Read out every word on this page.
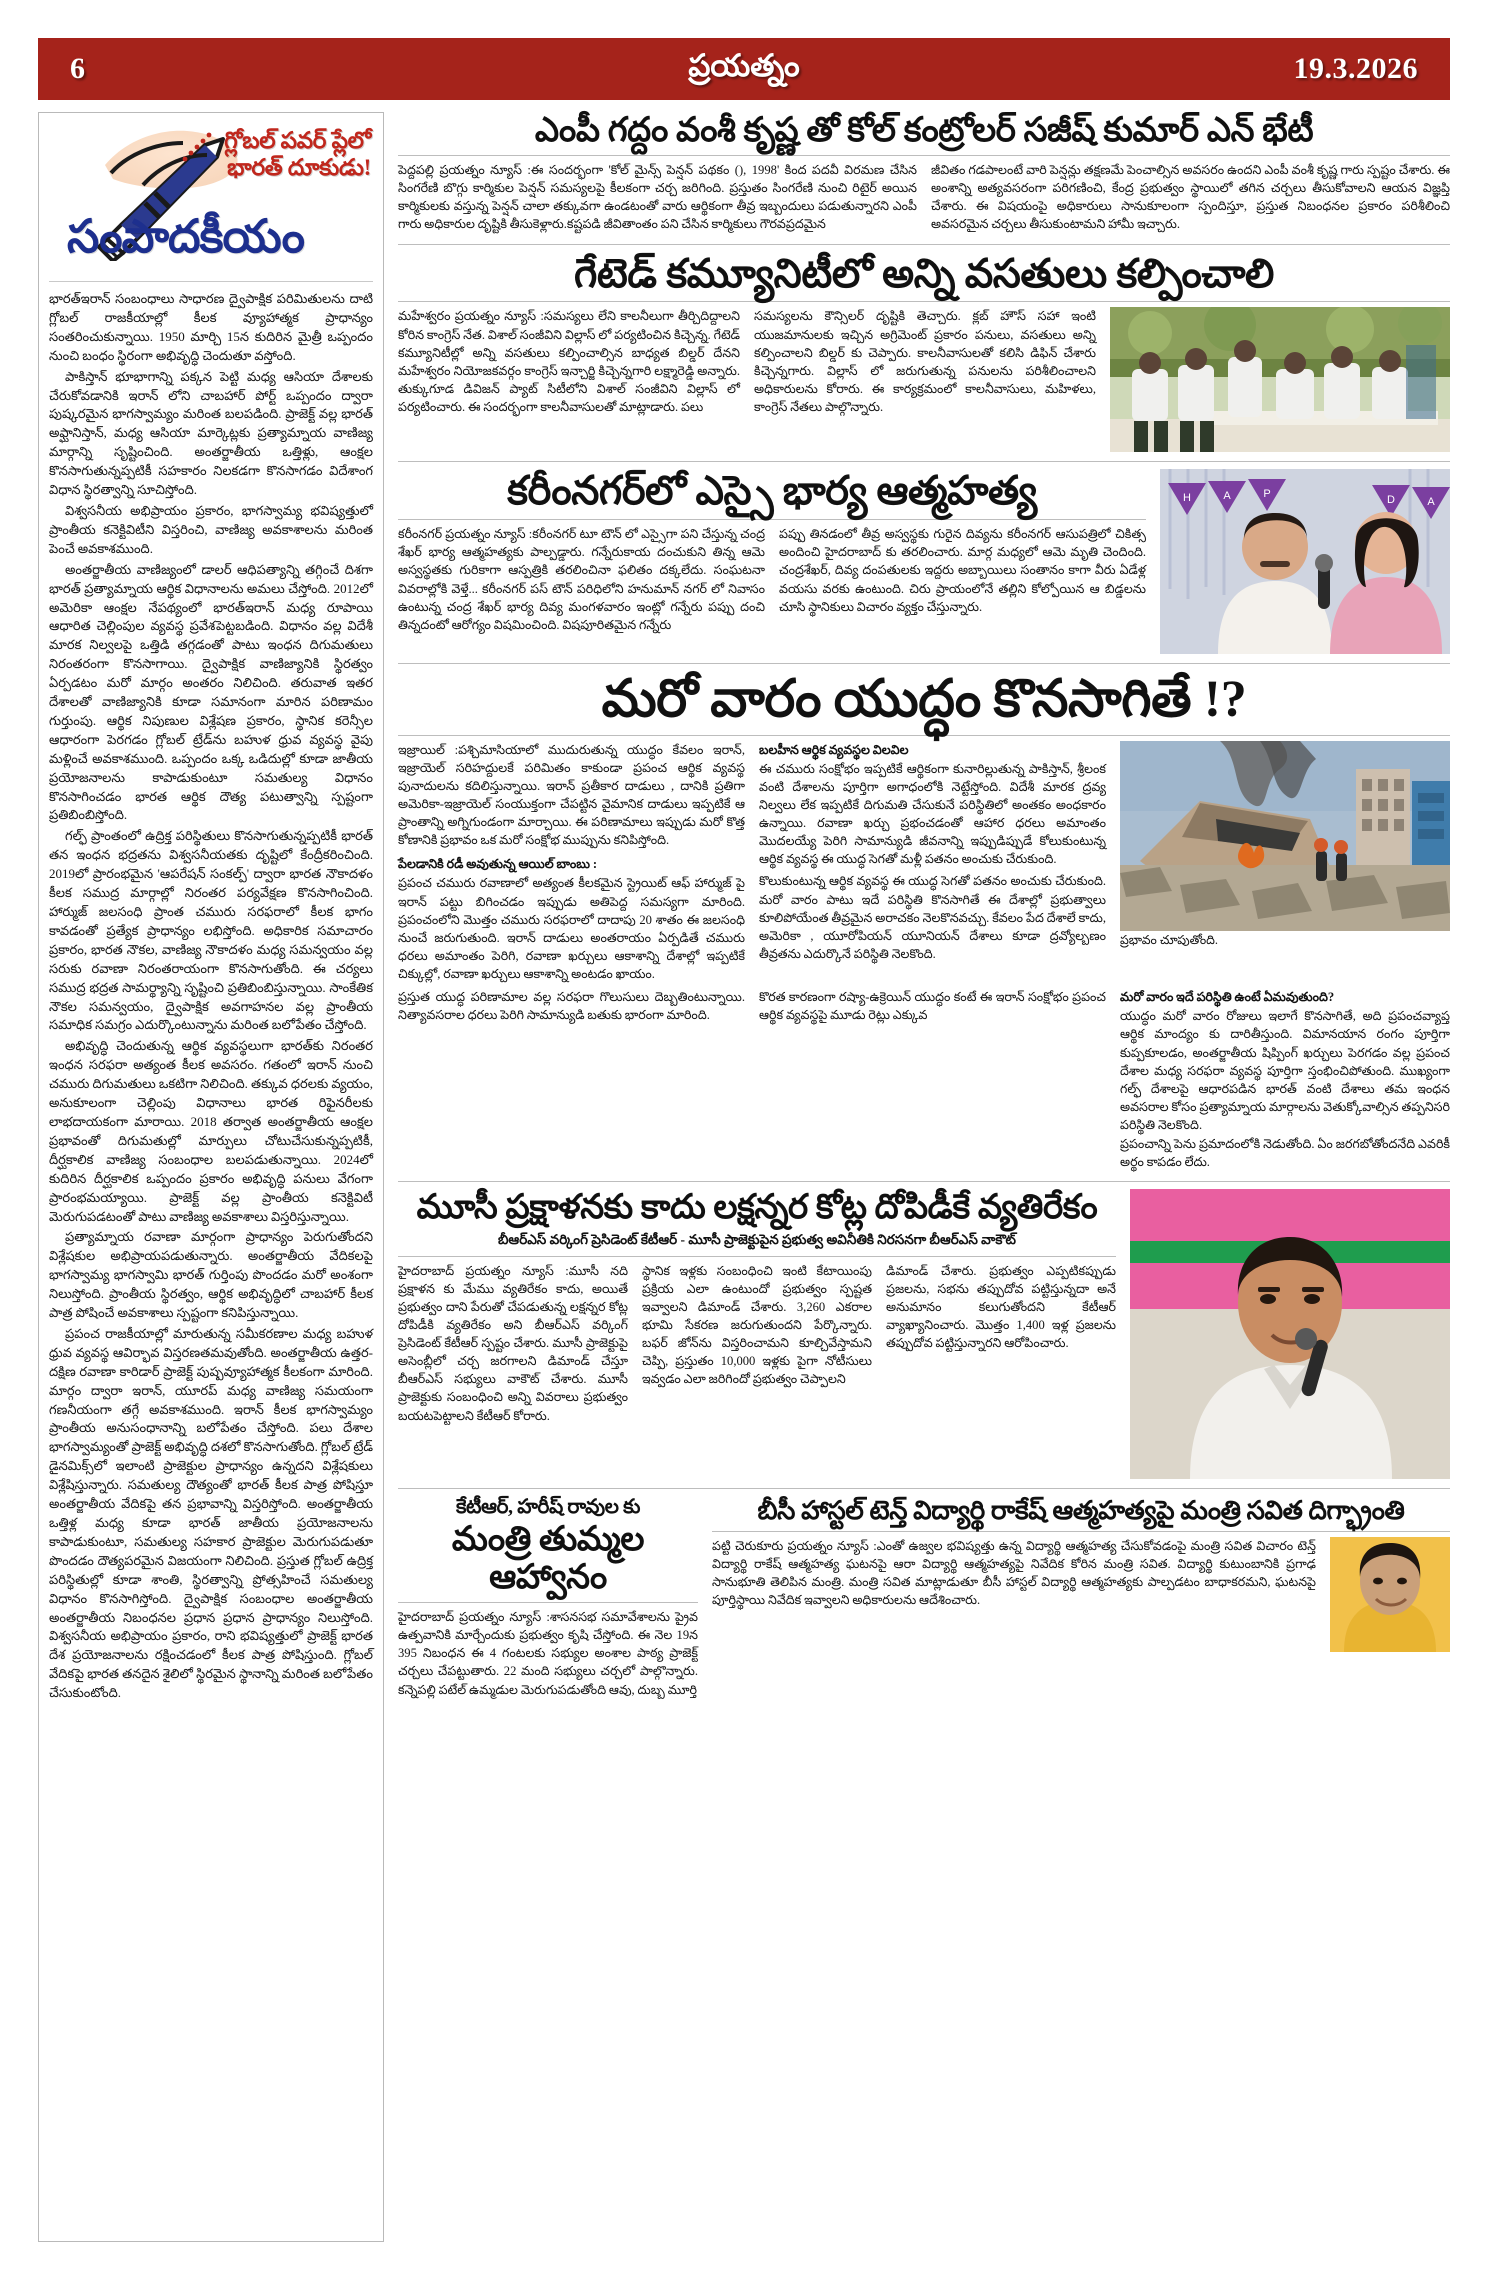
6	ప్రయత్నం	19.3.2026
గ్లోబల్ పవర్ ప్లేలో
భారత్ దూకుడు!
సంపాదకీయం

భారత్‌ఇరాన్ సంబంధాలు సాధారణ ద్వైపాక్షిక పరిమితులను దాటి గ్లోబల్ రాజకీయాల్లో కీలక వ్యూహాత్మక ప్రాధాన్యం సంతరించుకున్నాయి. 1950 మార్చి 15న కుదిరిన మైత్రీ ఒప్పందం నుంచి బంధం స్థిరంగా అభివృద్ధి చెందుతూ వస్తోంది.

పాకిస్తాన్ భూభాగాన్ని పక్కన పెట్టి మధ్య ఆసియా దేశాలకు చేరుకోవడానికి ఇరాన్ లోని చాబహార్ పోర్ట్ ఒప్పందం ద్వారా పుష్కరమైన భాగస్వామ్యం మరింత బలపడింది. ప్రాజెక్ట్ వల్ల భారత్ అఫ్ఘానిస్తాన్, మధ్య ఆసియా మార్కెట్లకు ప్రత్యామ్నాయ వాణిజ్య మార్గాన్ని సృష్టించింది. అంతర్జాతీయ ఒత్తిళ్లు, ఆంక్షల కొనసాగుతున్నప్పటికీ సహకారం నిలకడగా కొనసాగడం విదేశాంగ విధాన స్థిరత్వాన్ని సూచిస్తోంది.

విశ్వసనీయ అభిప్రాయం ప్రకారం, భాగస్వామ్య భవిష్యత్తులో ప్రాంతీయ కనెక్టివిటీని విస్తరించి, వాణిజ్య అవకాశాలను మరింత పెంచే అవకాశముంది.

అంతర్జాతీయ వాణిజ్యంలో డాలర్ ఆధిపత్యాన్ని తగ్గించే దిశగా భారత్ ప్రత్యామ్నాయ ఆర్థిక విధానాలను అమలు చేస్తోంది. 2012లో అమెరికా ఆంక్షల నేపథ్యంలో భారత్‌ఇరాన్ మధ్య రూపాయి ఆధారిత చెల్లింపుల వ్యవస్థ ప్రవేశపెట్టబడింది. విధానం వల్ల విదేశీ మారక నిల్వలపై ఒత్తిడి తగ్గడంతో పాటు ఇంధన దిగుమతులు నిరంతరంగా కొనసాగాయి. ద్వైపాక్షిక వాణిజ్యానికి స్థిరత్వం ఏర్పడటం మరో మార్గం అంతరం నిలిచింది. తరువాత ఇతర దేశాలతో వాణిజ్యానికి కూడా సమానంగా మారిన పరిణామం గుర్తుంపు. ఆర్థిక నిపుణుల విశ్లేషణ ప్రకారం, స్థానిక కరెన్సీల ఆధారంగా పెరగడం గ్లోబల్ ట్రేడ్‌ను బహుళ ధ్రువ వ్యవస్థ వైపు మళ్లించే అవకాశముంది. ఒప్పందం ఒక్క ఒడిదుల్లో కూడా జాతీయ ప్రయోజనాలను కాపాడుకుంటూ సమతుల్య విధానం కొనసాగించడం భారత ఆర్థిక దౌత్య పటుత్వాన్ని స్పష్టంగా ప్రతిబింబిస్తోంది.

గల్ఫ్ ప్రాంతంలో ఉద్రిక్త పరిస్థితులు కొనసాగుతున్నప్పటికీ భారత్ తన ఇంధన భద్రతను విశ్వసనీయతకు దృష్టిలో కేంద్రీకరించింది. 2019లో ప్రారంభమైన 'ఆపరేషన్ సంకల్ప్' ద్వారా భారత నౌకాదళం కీలక సముద్ర మార్గాల్లో నిరంతర పర్యవేక్షణ కొనసాగించింది. హార్ముజ్ జలసంధి ప్రాంత చమురు సరఫరాలో కీలక భాగం కావడంతో ప్రత్యేక ప్రాధాన్యం లభిస్తోంది. అధికారిక సమాచారం ప్రకారం, భారత నౌకల, వాణిజ్య నౌకాదళం మధ్య సమన్వయం వల్ల సరుకు రవాణా నిరంతరాయంగా కొనసాగుతోంది. ఈ చర్యలు సముద్ర భద్రత సామర్థ్యాన్ని సృష్టించి ప్రతిబింబిస్తున్నాయి. సాంకేతిక నౌకల సమన్వయం, ద్వైపాక్షిక అవగాహనల వల్ల ప్రాంతీయ సమాధిక సమగ్రం ఎదుర్కొంటున్నాను మరింత బలోపేతం చేస్తోంది.

అభివృద్ధి చెందుతున్న ఆర్థిక వ్యవస్థలుగా భారత్‌కు నిరంతర ఇంధన సరఫరా అత్యంత కీలక అవసరం. గతంలో ఇరాన్ నుంచి చమురు దిగుమతులు ఒకటిగా నిలిచింది. తక్కువ ధరలకు వ్యయం, అనుకూలంగా చెల్లింపు విధానాలు భారత రిఫైనరీలకు లాభదాయకంగా మారాయి. 2018 తర్వాత అంతర్జాతీయ ఆంక్షల ప్రభావంతో దిగుమతుల్లో మార్పులు చోటుచేసుకున్నప్పటికీ, దీర్ఘకాలిక వాణిజ్య సంబంధాల బలపడుతున్నాయి. 2024లో కుదిరిన దీర్ఘకాలిక ఒప్పందం ప్రకారం అభివృద్ధి పనులు వేగంగా ప్రారంభమయ్యాయి. ప్రాజెక్ట్ వల్ల ప్రాంతీయ కనెక్టివిటీ మెరుగుపడటంతో పాటు వాణిజ్య అవకాశాలు విస్తరిస్తున్నాయి.

ప్రత్యామ్నాయ రవాణా మార్గంగా ప్రాధాన్యం పెరుగుతోందని విశ్లేషకుల అభిప్రాయపడుతున్నారు. అంతర్జాతీయ వేదికలపై భాగస్వామ్య భాగస్వామి భారత్ గుర్తింపు పొందడం మరో అంశంగా నిలుస్తోంది. ప్రాంతీయ స్థిరత్వం, ఆర్థిక అభివృద్ధిలో చాబహార్ కీలక పాత్ర పోషించే అవకాశాలు స్పష్టంగా కనిపిస్తున్నాయి.

ప్రపంచ రాజకీయాల్లో మారుతున్న సమీకరణాల మధ్య బహుళ ధ్రువ వ్యవస్థ ఆవిర్భావ విస్తరణతమవుతోంది. అంతర్జాతీయ ఉత్తర‌-దక్షిణ రవాణా కారిడార్ ప్రాజెక్ట్ పుష్పవ్యూహాత్మక కీలకంగా మారింది. మార్గం ద్వారా ఇరాన్, యూరప్ మధ్య వాణిజ్య సమయంగా గణనీయంగా తగ్గే అవకాశముంది. ఇరాన్ కీలక భాగస్వామ్యం ప్రాంతీయ అనుసంధానాన్ని బలోపేతం చేస్తోంది. పలు దేశాల భాగస్వామ్యంతో ప్రాజెక్ట్ అభివృద్ధి దశలో కొనసాగుతోంది. గ్లోబల్ ట్రేడ్ డైనమిక్స్‌లో ఇలాంటి ప్రాజెక్టుల ప్రాధాన్యం ఉన్నదని విశ్లేషకులు విశ్లేషిస్తున్నారు. సమతుల్య దౌత్యంతో భారత్ కీలక పాత్ర పోషిస్తూ అంతర్జాతీయ వేదికపై తన ప్రభావాన్ని విస్తరిస్తోంది. అంతర్జాతీయ ఒత్తిళ్ల మధ్య కూడా భారత్ జాతీయ ప్రయోజనాలను కాపాడుకుంటూ, సమతుల్య సహకార ప్రాజెక్టుల మెరుగుపడుతూ పొందడం దౌత్యపరమైన విజయంగా నిలిచింది. ప్రస్తుత గ్లోబల్ ఉద్రిక్త పరిస్థితుల్లో కూడా శాంతి, స్థిరత్వాన్ని ప్రోత్సహించే సమతుల్య విధానం కొనసాగిస్తోంది. ద్వైపాక్షిక సంబంధాల అంతర్జాతీయ అంతర్జాతీయ నిబంధనల ప్రధాన ప్రధాన ప్రాధాన్యం నిలుస్తోంది. విశ్వసనీయ అభిప్రాయం ప్రకారం, రాని భవిష్యత్తులో ప్రాజెక్ట్ భారత దేశ ప్రయోజనాలను రక్షించడంలో కీలక పాత్ర పోషిస్తుంది. గ్లోబల్ వేదికపై భారత తనదైన శైలిలో స్థిరమైన స్థానాన్ని మరింత బలోపేతం చేసుకుంటోంది.

ఎంపీ గద్దం వంశీ కృష్ణ తో కోల్ కంట్రోలర్ సజీష్ కుమార్ ఎన్ భేటీ

పెద్దపల్లి ప్రయత్నం న్యూస్ :ఈ సందర్భంగా 'కోల్ మైన్స్ పెన్షన్ పథకం (), 1998' కింద పదవీ విరమణ చేసిన సింగరేణి బొగ్గు కార్మికుల పెన్షన్ సమస్యలపై కీలకంగా చర్చ జరిగింది. ప్రస్తుతం సింగరేణి నుంచి రిటైర్ అయిన కార్మికులకు వస్తున్న పెన్షన్ చాలా తక్కువగా ఉండటంతో వారు ఆర్థికంగా తీవ్ర ఇబ్బందులు పడుతున్నారని ఎంపీ గారు అధికారుల దృష్టికి తీసుకెళ్లారు.కష్టపడి జీవితాంతం పని చేసిన కార్మికులు గౌరవప్రదమైన

జీవితం గడపాలంటే వారి పెన్షన్లు తక్షణమే పెంచాల్సిన అవసరం ఉందని ఎంపీ వంశీ కృష్ణ గారు స్పష్టం చేశారు. ఈ అంశాన్ని అత్యవసరంగా పరిగణించి, కేంద్ర ప్రభుత్వం స్థాయిలో తగిన చర్చలు తీసుకోవాలని ఆయన విజ్ఞప్తి చేశారు. ఈ విషయంపై అధికారులు సానుకూలంగా స్పందిస్తూ, ప్రస్తుత నిబంధనల ప్రకారం పరిశీలించి అవసరమైన చర్చలు తీసుకుంటామని హామీ ఇచ్చారు.

గేటెడ్ కమ్యూనిటీలో అన్ని వసతులు కల్పించాలి

మహేశ్వరం ప్రయత్నం న్యూస్ :సమస్యలు లేని కాలనీలుగా తీర్చిదిద్దాలని కోరిన కాంగ్రెస్ నేత. విశాల్ సంజీవిని విల్లాస్ లో పర్యటించిన కిచ్చెన్న. గేటెడ్ కమ్యూనిటీల్లో అన్ని వసతులు కల్పించాల్సిన బాధ్యత బిల్డర్ దేనని మహేశ్వరం నియోజకవర్గం కాంగ్రెస్ ఇన్చార్జి కిచ్చెన్నగారి లక్ష్మారెడ్డి అన్నారు. తుక్కుగూడ డివిజన్ ప్యాట్ సిటీలోని విశాల్ సంజీవిని విల్లాస్ లో పర్యటించారు. ఈ సందర్భంగా కాలనీవాసులతో మాట్లాడారు. పలు

సమస్యలను కౌన్సిలర్ దృష్టికి తెచ్చారు. క్లబ్ హౌస్ సహా ఇంటి యుజమానులకు ఇచ్చిన అగ్రిమెంట్ ప్రకారం పనులు, వసతులు అన్ని కల్పించాలని బిల్డర్ కు చెప్పారు. కాలనీవాసులతో కలిసి డిఫిన్ చేశారు కిచ్చెన్నగారు. విల్లాస్ లో జరుగుతున్న పనులను పరిశీలించాలని అధికారులను కోరారు. ఈ కార్యక్రమంలో కాలనీవాసులు, మహిళలు, కాంగ్రెస్ నేతలు పాల్గొన్నారు.

కరీంనగర్‌లో ఎస్సై భార్య ఆత్మహత్య

కరీంనగర్ ప్రయత్నం న్యూస్ :కరీంనగర్ టూ టౌన్ లో ఎస్సైగా పని చేస్తున్న చంద్ర శేఖర్ భార్య ఆత్మహత్యకు పాల్పడ్డారు. గన్నేరుకాయ దంచుకుని తిన్న ఆమె అస్వస్థతకు గురికాగా ఆస్పత్రికి తరలించినా ఫలితం దక్కలేదు. సంఘటనా వివరాల్లోకి వెళ్తే... కరీంనగర్ పస్ టౌన్ పరిధిలోని హనుమాన్ నగర్ లో నివాసం ఉంటున్న చంద్ర శేఖర్ భార్య దివ్య మంగళవారం ఇంట్లో గన్నేరు పప్పు దంచి తిన్నదంటో ఆరోగ్యం విషమించింది. విషపూరితమైన గన్నేరు

పప్పు తినడంలో తీవ్ర అస్వస్థకు గురైన దివ్యను కరీంనగర్ ఆసుపత్రిలో చికిత్స అందించి హైదరాబాద్ కు తరలించారు. మార్గ మధ్యలో ఆమె మృతి చెందింది. చంద్రశేఖర్, దివ్య దంపతులకు ఇద్దరు అబ్బాయిలు సంతానం కాగా వీరు ఏడేళ్ల వయసు వరకు ఉంటుంది. చిరు ప్రాయంలోనే తల్లిని కోల్పోయిన ఆ బిడ్డలను చూసి స్థానికులు విచారం వ్యక్తం చేస్తున్నారు.

H	A	P	D	A
మరో వారం యుద్ధం కొనసాగితే !?

ఇజ్రాయిల్ :పశ్చిమాసియాలో ముదురుతున్న యుద్ధం కేవలం ఇరాన్, ఇజ్రాయెల్ సరిహద్దులకే పరిమితం కాకుండా ప్రపంచ ఆర్థిక వ్యవస్థ పునాదులను కదిలిస్తున్నాయి. ఇరాన్ ప్రతీకార దాడులు , దానికి ప్రతిగా అమెరికా-ఇజ్రాయెల్ సంయుక్తంగా చేపట్టిన వైమానిక దాడులు ఇప్పటికే ఆ ప్రాంతాన్ని అగ్నిగుండంగా మార్చాయి. ఈ పరిణామాలు ఇప్పుడు మరో కొత్త కోణానికి ప్రభావం ఒక మరో సంక్షోభ ముప్పును కనిపిస్తోంది.

పేలడానికి రడీ అవుతున్న ఆయిల్ బాంబు :

ప్రపంచ చమురు రవాణాలో అత్యంత కీలకమైన స్ట్రెయిట్ ఆఫ్ హార్ముజ్ పై ఇరాన్ పట్టు బిగించడం ఇప్పుడు అతిపెద్ద సమస్యగా మారింది. ప్రపంచంలోని మొత్తం చమురు సరఫరాలో దాదాపు 20 శాతం ఈ జలసంధి నుంచే జరుగుతుంది. ఇరాన్ దాడులు అంతరాయం ఏర్పడితే చమురు ధరలు అమాంతం పెరిగి, రవాణా ఖర్చులు ఆకాశాన్ని దేశాల్లో ఇప్పటికే చిక్కుల్లో, రవాణా ఖర్చులు ఆకాశాన్ని అంటడం ఖాయం.

బలహీన ఆర్థిక వ్యవస్థల విలవిల

ఈ చమురు సంక్షోభం ఇప్పటికే ఆర్థికంగా కునారిల్లుతున్న పాకిస్తాన్, శ్రీలంక వంటి దేశాలను పూర్తిగా అగాధంలోకి నెట్టేస్తోంది. విదేశీ మారక ద్రవ్య నిల్వలు లేక ఇప్పటికే దిగుమతి చేసుకునే పరిస్థితిలో అంతకం అంధకారం ఉన్నాయి. రవాణా ఖర్చు ప్రభంచడంతో ఆహార ధరలు అమాంతం మొదలయ్యే పెరిగి సామాన్యుడి జీవనాన్ని ఇప్పుడిప్పుడే కోలుకుంటున్న ఆర్థిక వ్యవస్థ ఈ యుద్ధ సెగతో మళ్లీ పతనం అంచుకు చేరుకుంది.

కొలుకుంటున్న ఆర్థిక వ్యవస్థ ఈ యుద్ధ సెగతో పతనం అంచుకు చేరుకుంది. మరో వారం పాటు ఇదే పరిస్థితి కొనసాగితే ఈ దేశాల్లో ప్రభుత్వాలు కూలిపోయేంత తీవ్రమైన అరాచకం నెలకొనవచ్చు. కేవలం పేద దేశాలే కాదు, అమెరికా , యూరోపియన్ యూనియన్ దేశాలు కూడా ద్రవ్యోల్బణం తీవ్రతను ఎదుర్కొనే పరిస్థితి నెలకొంది.

ప్రభావం చూపుతోంది.

ప్రస్తుత యుద్ధ పరిణామాల వల్ల సరఫరా గొలుసులు దెబ్బతింటున్నాయి. నిత్యావసరాల ధరలు పెరిగి సామాన్యుడి బతుకు భారంగా మారింది.

కొరత కారణంగా రష్యా-ఉక్రెయిన్ యుద్ధం కంటే ఈ ఇరాన్ సంక్షోభం ప్రపంచ ఆర్థిక వ్యవస్థపై మూడు రెట్లు ఎక్కువ

మరో వారం ఇదే పరిస్థితి ఉంటే ఏమవుతుంది?

యుద్ధం మరో వారం రోజులు ఇలాగే కొనసాగితే, అది ప్రపంచవ్యాప్త ఆర్థిక మాంద్యం కు దారితీస్తుంది. విమానయాన రంగం పూర్తిగా కుప్పకూలడం, అంతర్జాతీయ షిప్పింగ్ ఖర్చులు పెరగడం వల్ల ప్రపంచ దేశాల మధ్య సరఫరా వ్యవస్థ పూర్తిగా స్తంభించిపోతుంది. ముఖ్యంగా గల్ఫ్ దేశాలపై ఆధారపడిన భారత్ వంటి దేశాలు తమ ఇంధన అవసరాల కోసం ప్రత్యామ్నాయ మార్గాలను వెతుక్కోవాల్సిన తప్పనిసరి పరిస్థితి నెలకొంది.

ప్రపంచాన్ని పెను ప్రమాదంలోకి నెడుతోంది. ఏం జరగబోతోందనేది ఎవరికీ అర్థం కాపడం లేదు.

మూసీ ప్రక్షాళనకు కాదు లక్షన్నర కోట్ల దోపిడీకే వ్యతిరేకం
బీఆర్ఎస్ వర్కింగ్ ప్రెసిడెంట్ కేటీఆర్ - మూసీ ప్రాజెక్టుపైన ప్రభుత్వ అవినీతికి నిరసనగా బీఆర్ఎస్ వాకౌట్

హైదరాబాద్ ప్రయత్నం న్యూస్ :మూసీ నది ప్రక్షాళన కు మేము వ్యతిరేకం కాదు, అయితే ప్రభుత్వం దాని పేరుతో చేపడుతున్న లక్షన్నర కోట్ల దోపిడీకి వ్యతిరేకం అని బీఆర్ఎస్ వర్కింగ్ ప్రెసిడెంట్ కేటీఆర్ స్పష్టం చేశారు. మూసీ ప్రాజెక్టుపై అసెంబ్లీలో చర్చ జరగాలని డిమాండ్ చేస్తూ బీఆర్ఎస్ సభ్యులు వాకౌట్ చేశారు. మూసీ ప్రాజెక్టుకు సంబంధించి అన్ని వివరాలు ప్రభుత్వం బయటపెట్టాలని కేటీఆర్ కోరారు.

స్థానిక ఇళ్లకు సంబంధించి ఇంటి కేటాయింపు ప్రక్రియ ఎలా ఉంటుందో ప్రభుత్వం స్పష్టత ఇవ్వాలని డిమాండ్ చేశారు. 3,260 ఎకరాల భూమి సేకరణ జరుగుతుందని పేర్కొన్నారు. బఫర్ జోన్‌ను విస్తరించామని కూల్చివేస్తామని చెప్పి, ప్రస్తుతం 10,000 ఇళ్లకు పైగా నోటీసులు ఇవ్వడం ఎలా జరిగిందో ప్రభుత్వం చెప్పాలని

డిమాండ్ చేశారు. ప్రభుత్వం ఎప్పటికప్పుడు ప్రజలను, సభను తప్పుదోవ పట్టిస్తున్నదా అనే అనుమానం కలుగుతోందని కేటీఆర్ వ్యాఖ్యానించారు. మొత్తం 1,400 ఇళ్ల ప్రజలను తప్పుదోవ పట్టిస్తున్నారని ఆరోపించారు.

కేటీఆర్, హరీష్ రావుల కు
మంత్రి తుమ్మల ఆహ్వానం

హైదరాబాద్ ప్రయత్నం న్యూస్ :శాసనసభ సమావేశాలను ప్రైవ ఉత్పవానికి మార్చేందుకు ప్రభుత్వం కృషి చేస్తోంది. ఈ నెల 19న 395 నిబంధన ఈ 4 గంటలకు సభ్యుల అంశాల పాఠ్య ప్రాజెక్ట్ చర్చలు చేపట్టుతారు. 22 మంది సభ్యులు చర్చలో పాల్గొన్నారు. కన్నెపల్లి పటేల్ ఉమ్మడుల మెరుగుపడుతోంది ఆవు, దుబ్బ మూర్తి

బీసీ హాస్టల్ టెన్త్ విద్యార్థి రాకేష్ ఆత్మహత్యపై మంత్రి సవిత దిగ్భ్రాంతి

పట్టి చెరుకూరు ప్రయత్నం న్యూస్ :ఎంతో ఉజ్వల భవిష్యత్తు ఉన్న విద్యార్థి ఆత్మహత్య చేసుకోవడంపై మంత్రి సవిత విచారం టెన్త్ విద్యార్థి రాకేష్ ఆత్మహత్య ఘటనపై ఆరా విద్యార్థి ఆత్మహత్యపై నివేదిక కోరిన మంత్రి సవిత. విద్యార్థి కుటుంబానికి ప్రగాఢ సానుభూతి తెలిపిన మంత్రి. మంత్రి సవిత మాట్లాడుతూ బీసీ హాస్టల్ విద్యార్థి ఆత్మహత్యకు పాల్పడటం బాధాకరమని, ఘటనపై పూర్తిస్థాయి నివేదిక ఇవ్వాలని అధికారులను ఆదేశించారు.
